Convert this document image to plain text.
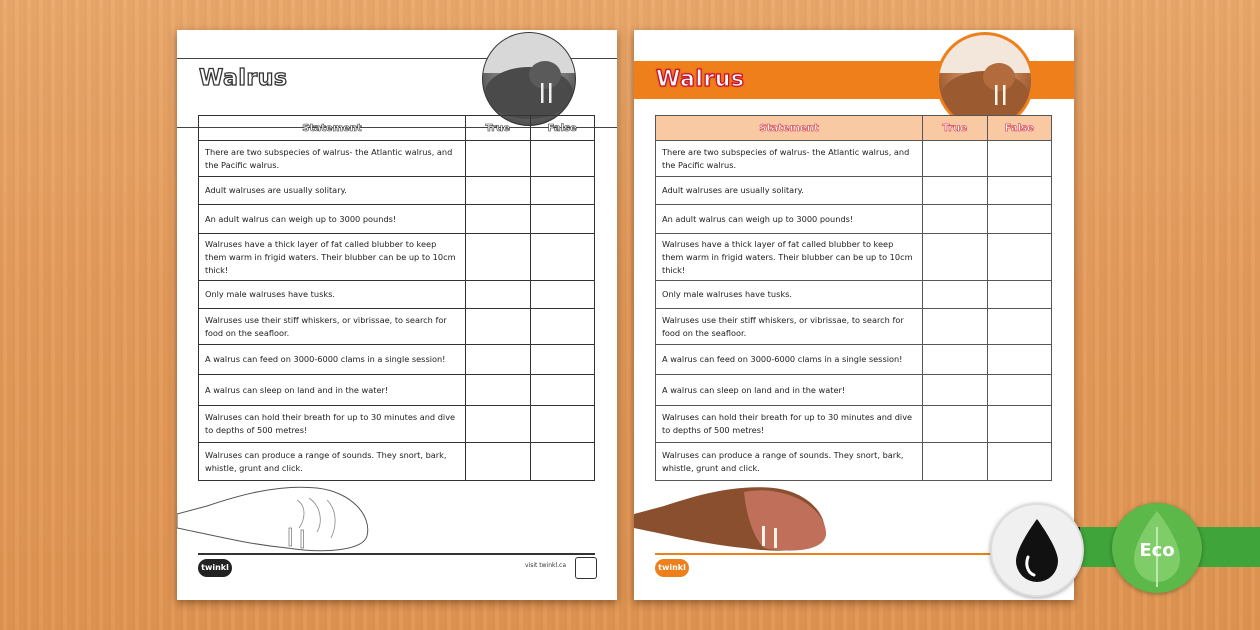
Walrus
Statement	True	False
There are two subspecies of walrus- the Atlantic walrus, and the Pacific walrus.		
Adult walruses are usually solitary.		
An adult walrus can weigh up to 3000 pounds!		
Walruses have a thick layer of fat called blubber to keep them warm in frigid waters. Their blubber can be up to 10cm thick!		
Only male walruses have tusks.		
Walruses use their stiff whiskers, or vibrissae, to search for food on the seafloor.		
A walrus can feed on 3000-6000 clams in a single session!		
A walrus can sleep on land and in the water!		
Walruses can hold their breath for up to 30 minutes and dive to depths of 500 metres!		
Walruses can produce a range of sounds. They snort, bark, whistle, grunt and click.		
twinkl	visit twinkl.ca
Walrus
Statement	True	False
There are two subspecies of walrus- the Atlantic walrus, and the Pacific walrus.		
Adult walruses are usually solitary.		
An adult walrus can weigh up to 3000 pounds!		
Walruses have a thick layer of fat called blubber to keep them warm in frigid waters. Their blubber can be up to 10cm thick!		
Only male walruses have tusks.		
Walruses use their stiff whiskers, or vibrissae, to search for food on the seafloor.		
A walrus can feed on 3000-6000 clams in a single session!		
A walrus can sleep on land and in the water!		
Walruses can hold their breath for up to 30 minutes and dive to depths of 500 metres!		
Walruses can produce a range of sounds. They snort, bark, whistle, grunt and click.		
twinkl
Eco
